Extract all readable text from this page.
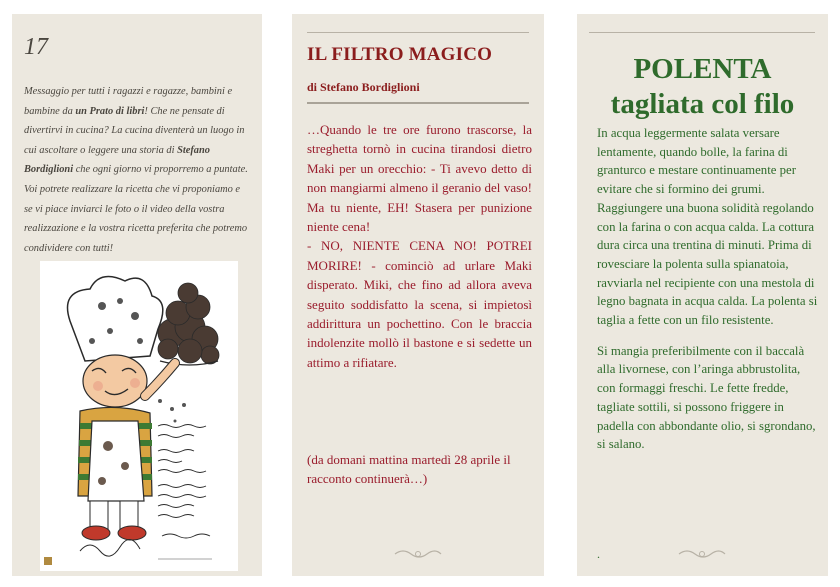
17

Messaggio per tutti i ragazzi e ragazze, bambini e bambine da un Prato di libri! Che ne pensate di divertirvi in cucina? La cucina diventerà un luogo in cui ascoltare o leggere una storia di Stefano Bordiglioni che ogni giorno vi proporremo a puntate. Voi potrete realizzare la ricetta che vi proponiamo e se vi piace inviarci le foto o il video della vostra realizzazione e la vostra ricetta preferita che potremo condividere con tutti!

IL FILTRO MAGICO
di Stefano Bordiglioni

…Quando le tre ore furono trascorse, la streghetta tornò in cucina tirandosi dietro Maki per un orecchio: - Ti avevo detto di non mangiarmi almeno il geranio del vaso! Ma tu niente, EH! Stasera per punizione niente cena!

- NO, NIENTE CENA NO! POTREI MORIRE! - cominciò ad urlare Maki disperato. Miki, che fino ad allora aveva seguito soddisfatto la scena, si impietosì addirittura un pochettino. Con le braccia indolenzite mollò il bastone e si sedette un attimo a rifiatare.

(da domani mattina martedì 28 aprile il racconto continuerà…)

POLENTA
tagliata col filo

In acqua leggermente salata versare lentamente, quando bolle, la farina di granturco e mestare continuamente per evitare che si formino dei grumi. Raggiungere una buona solidità regolando con la farina o con acqua calda. La cottura dura circa una trentina di minuti. Prima di rovesciare la polenta sulla spianatoia, ravviarla nel recipiente con una mestola di legno bagnata in acqua calda. La polenta si taglia a fette con un filo resistente.

Si mangia preferibilmente con il baccalà alla livornese, con l’aringa abbrustolita, con formaggi freschi. Le fette fredde, tagliate sottili, si possono friggere in padella con abbondante olio, si sgrondano, si salano.

.
